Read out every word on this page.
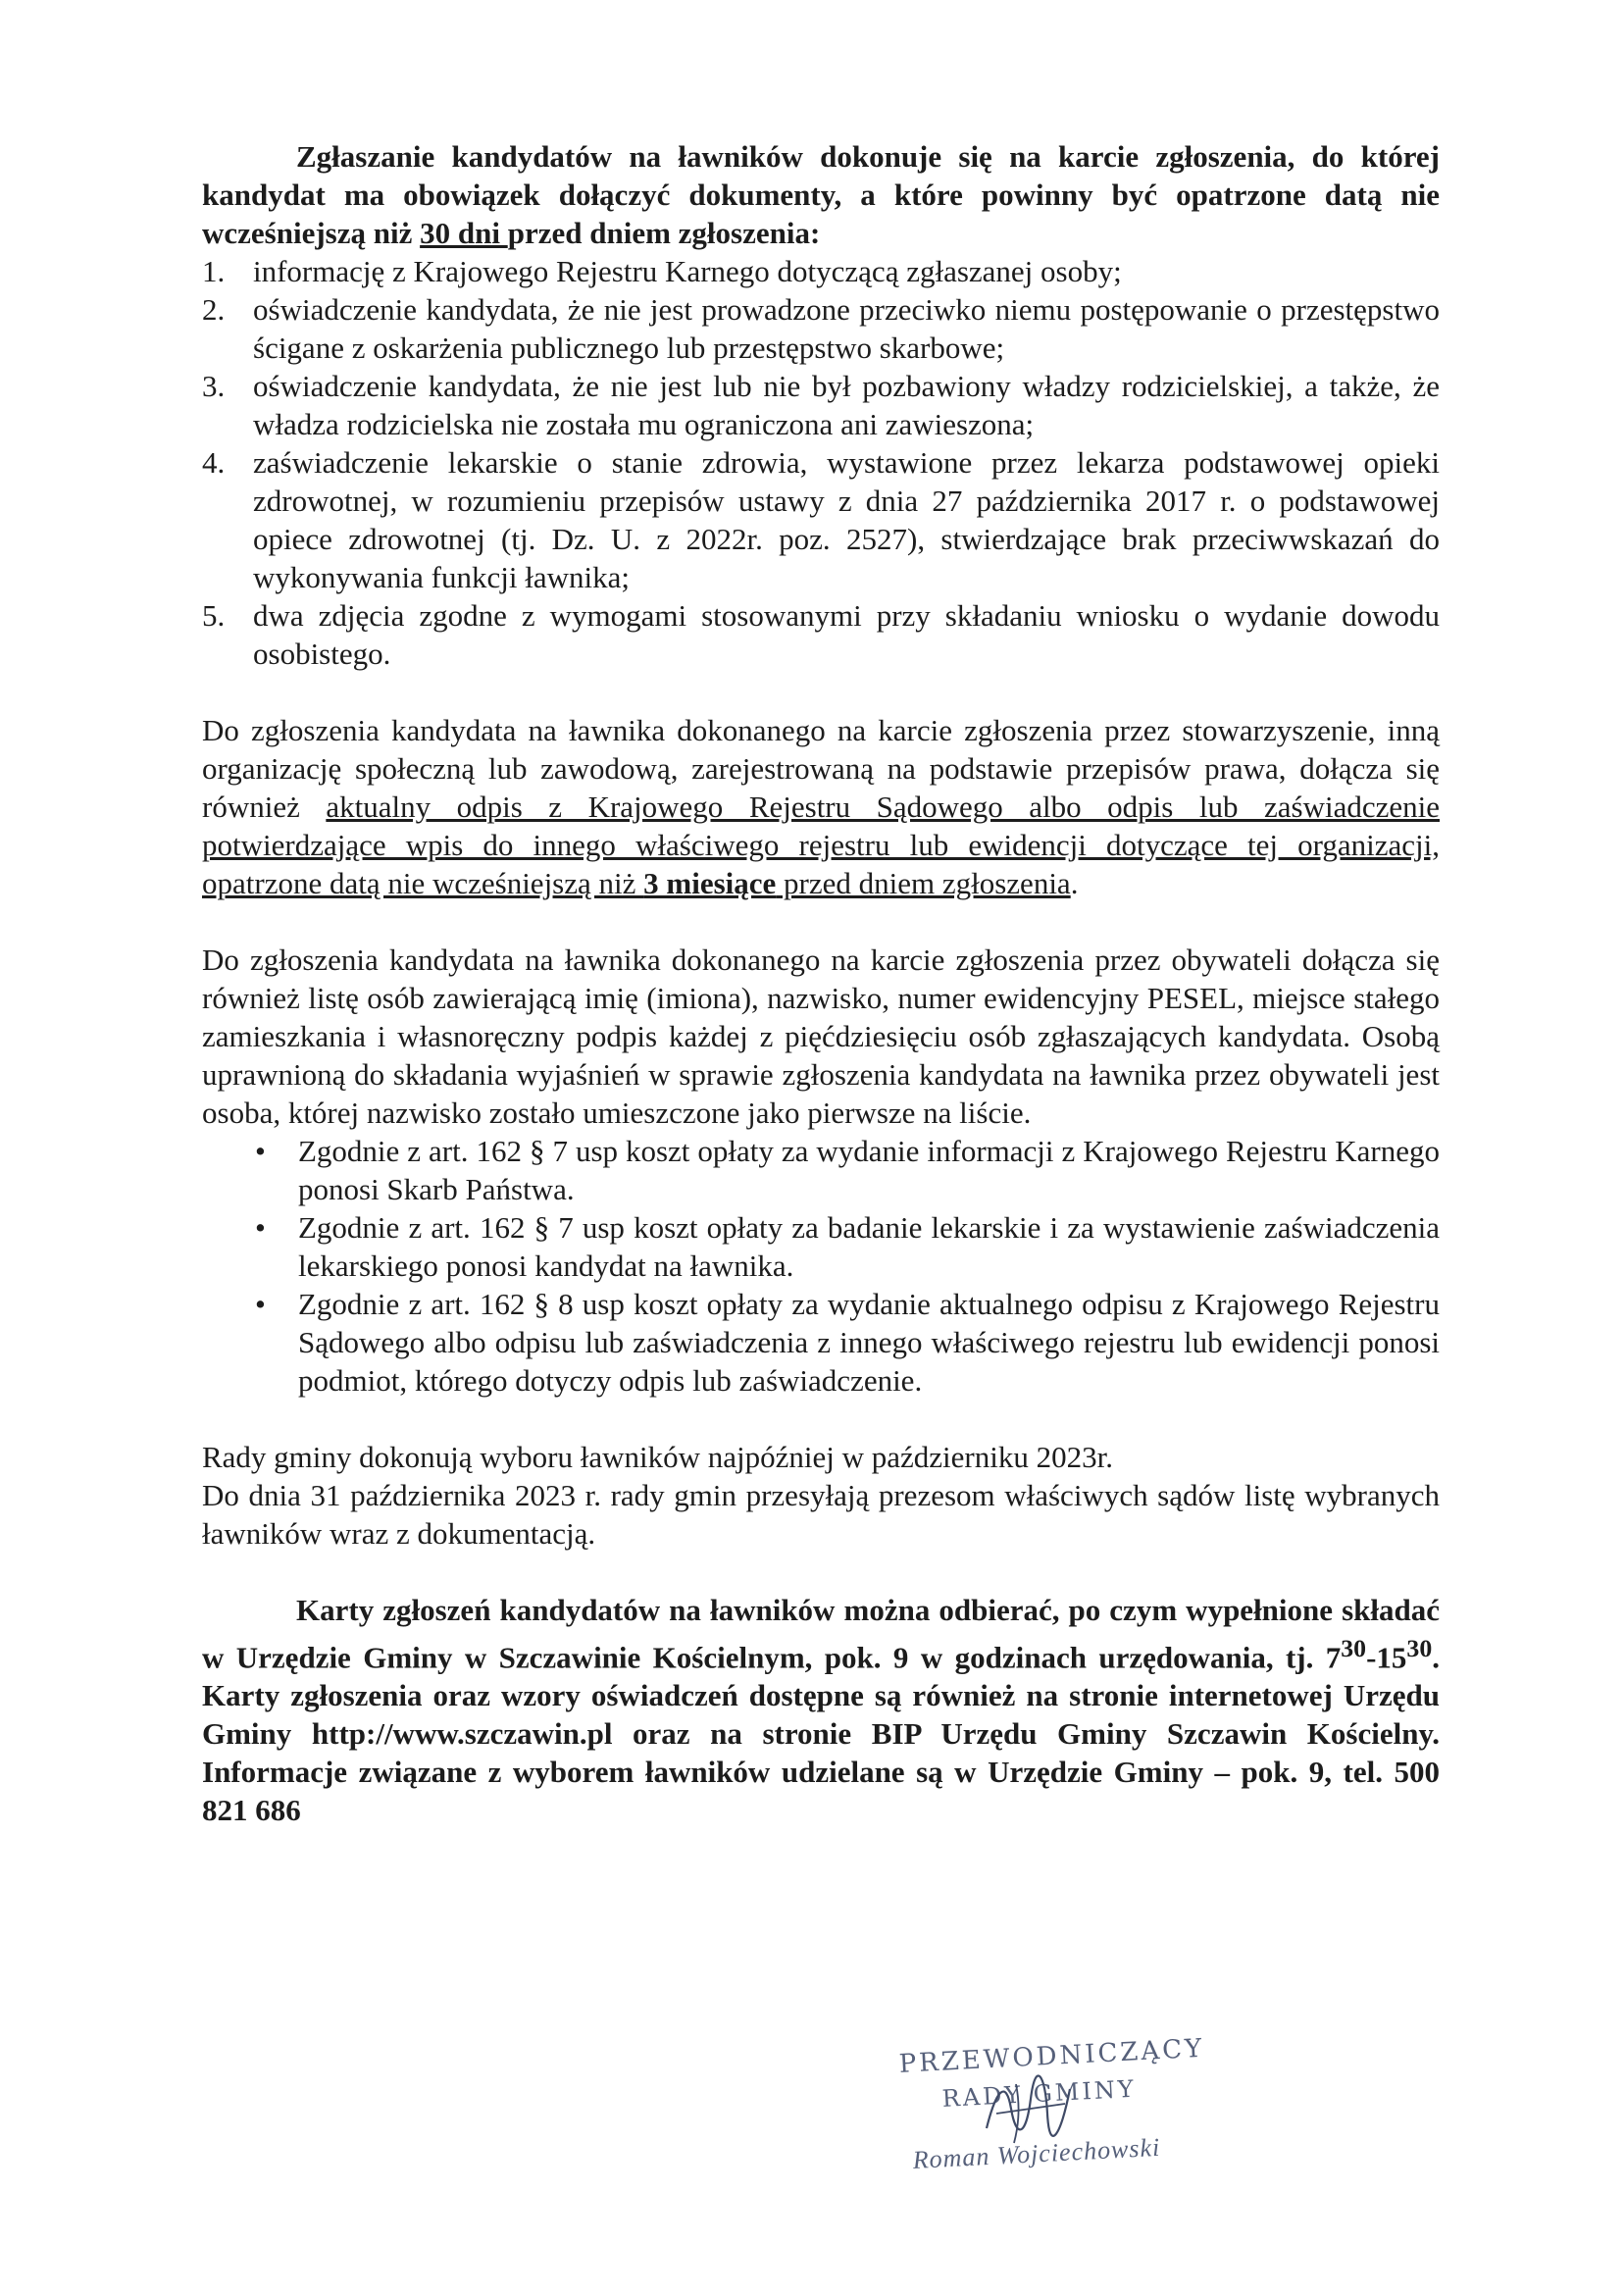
Zgłaszanie kandydatów na ławników dokonuje się na karcie zgłoszenia, do której kandydat ma obowiązek dołączyć dokumenty, a które powinny być opatrzone datą nie wcześniejszą niż 30 dni przed dniem zgłoszenia:

1. informację z Krajowego Rejestru Karnego dotyczącą zgłaszanej osoby;
2. oświadczenie kandydata, że nie jest prowadzone przeciwko niemu postępowanie o przestępstwo ścigane z oskarżenia publicznego lub przestępstwo skarbowe;
3. oświadczenie kandydata, że nie jest lub nie był pozbawiony władzy rodzicielskiej, a także, że władza rodzicielska nie została mu ograniczona ani zawieszona;
4. zaświadczenie lekarskie o stanie zdrowia, wystawione przez lekarza podstawowej opieki zdrowotnej, w rozumieniu przepisów ustawy z dnia 27 października 2017 r. o podstawowej opiece zdrowotnej (tj. Dz. U. z 2022r. poz. 2527), stwierdzające brak przeciwwskazań do wykonywania funkcji ławnika;
5. dwa zdjęcia zgodne z wymogami stosowanymi przy składaniu wniosku o wydanie dowodu osobistego.

Do zgłoszenia kandydata na ławnika dokonanego na karcie zgłoszenia przez stowarzyszenie, inną organizację społeczną lub zawodową, zarejestrowaną na podstawie przepisów prawa, dołącza się również aktualny odpis z Krajowego Rejestru Sądowego albo odpis lub zaświadczenie potwierdzające wpis do innego właściwego rejestru lub ewidencji dotyczące tej organizacji, opatrzone datą nie wcześniejszą niż 3 miesiące przed dniem zgłoszenia.

Do zgłoszenia kandydata na ławnika dokonanego na karcie zgłoszenia przez obywateli dołącza się również listę osób zawierającą imię (imiona), nazwisko, numer ewidencyjny PESEL, miejsce stałego zamieszkania i własnoręczny podpis każdej z pięćdziesięciu osób zgłaszających kandydata. Osobą uprawnioną do składania wyjaśnień w sprawie zgłoszenia kandydata na ławnika przez obywateli jest osoba, której nazwisko zostało umieszczone jako pierwsze na liście.

• Zgodnie z art. 162 § 7 usp koszt opłaty za wydanie informacji z Krajowego Rejestru Karnego ponosi Skarb Państwa.
• Zgodnie z art. 162 § 7 usp koszt opłaty za badanie lekarskie i za wystawienie zaświadczenia lekarskiego ponosi kandydat na ławnika.
• Zgodnie z art. 162 § 8 usp koszt opłaty za wydanie aktualnego odpisu z Krajowego Rejestru Sądowego albo odpisu lub zaświadczenia z innego właściwego rejestru lub ewidencji ponosi podmiot, którego dotyczy odpis lub zaświadczenie.

Rady gminy dokonują wyboru ławników najpóźniej w październiku 2023r.

Do dnia 31 października 2023 r. rady gmin przesyłają prezesom właściwych sądów listę wybranych ławników wraz z dokumentacją.

Karty zgłoszeń kandydatów na ławników można odbierać, po czym wypełnione składać w Urzędzie Gminy w Szczawinie Kościelnym, pok. 9 w godzinach urzędowania, tj. $7^{30}-15^{30}$. Karty zgłoszenia oraz wzory oświadczeń dostępne są również na stronie internetowej Urzędu Gminy http://www.szczawin.pl oraz na stronie BIP Urzędu Gminy Szczawin Kościelny. Informacje związane z wyborem ławników udzielane są w Urzędzie Gminy – pok. 9, tel. 500 821 686

PRZEWODNICZĄCY
RADY GMINY
Roman Wojciechowski
